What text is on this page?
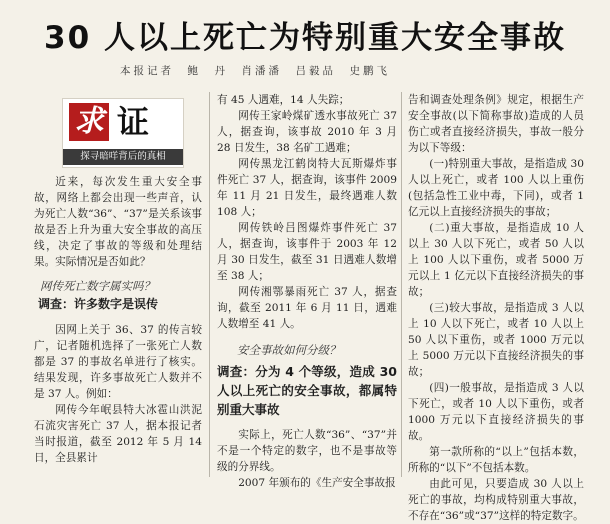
30 人以上死亡为特别重大安全事故
本报记者　鲍　丹　肖潘潘　吕毅品　史鹏飞

近来，每次发生重大安全事故，网络上都会出现一些声音，认为死亡人数“36”、“37”是关系该事故是否上升为重大安全事故的高压线，决定了事故的等级和处理结果。实际情况是否如此？

网传死亡数字属实吗？

调查：许多数字是误传

因网上关于 36、37 的传言较广，记者随机选择了一张死亡人数都是 37 的事故名单进行了核实。结果发现，许多事故死亡人数并不是 37 人。例如：

网传今年岷县特大冰雹山洪泥石流灾害死亡 37 人，据本报记者当时报道，截至 2012 年 5 月 14 日，全县累计

求 证
探寻暗咩背后的真相

有 45 人遇难，14 人失踪；

网传王家岭煤矿透水事故死亡 37 人，据查询，该事故 2010 年 3 月 28 日发生，38 名矿工遇难；

网传黑龙江鹤岗特大瓦斯爆炸事件死亡 37 人，据查询，该事件 2009 年 11 月 21 日发生，最终遇难人数 108 人；

网传铁岭吕图爆炸事件死亡 37 人，据查询，该事件于 2003 年 12 月 30 日发生，截至 31 日遇难人数增至 38 人；

网传湘鄂暴雨死亡 37 人，据查询，截至 2011 年 6 月 11 日，遇难人数增至 41 人。

安全事故如何分级？

调查：分为 4 个等级，造成 30 人以上死亡的安全事故，都属特别重大事故

实际上，死亡人数“36”、“37”并不是一个特定的数字，也不是事故等级的分界线。

2007 年颁布的《生产安全事故报

告和调查处理条例》规定，根据生产安全事故(以下简称事故)造成的人员伤亡或者直接经济损失，事故一般分为以下等级：

(一)特别重大事故，是指造成 30 人以上死亡，或者 100 人以上重伤(包括急性工业中毒，下同)，或者 1 亿元以上直接经济损失的事故；

(二)重大事故，是指造成 10 人以上 30 人以下死亡，或者 50 人以上 100 人以下重伤，或者 5000 万元以上 1 亿元以下直接经济损失的事故；

(三)较大事故，是指造成 3 人以上 10 人以下死亡，或者 10 人以上 50 人以下重伤，或者 1000 万元以上 5000 万元以下直接经济损失的事故；

(四)一般事故，是指造成 3 人以下死亡，或者 10 人以下重伤，或者 1000 万元以下直接经济损失的事故。

第一款所称的“以上”包括本数，所称的“以下”不包括本数。

由此可见，只要造成 30 人以上死亡的事故，均构成特别重大事故，不存在“36”或“37”这样的特定数字。
